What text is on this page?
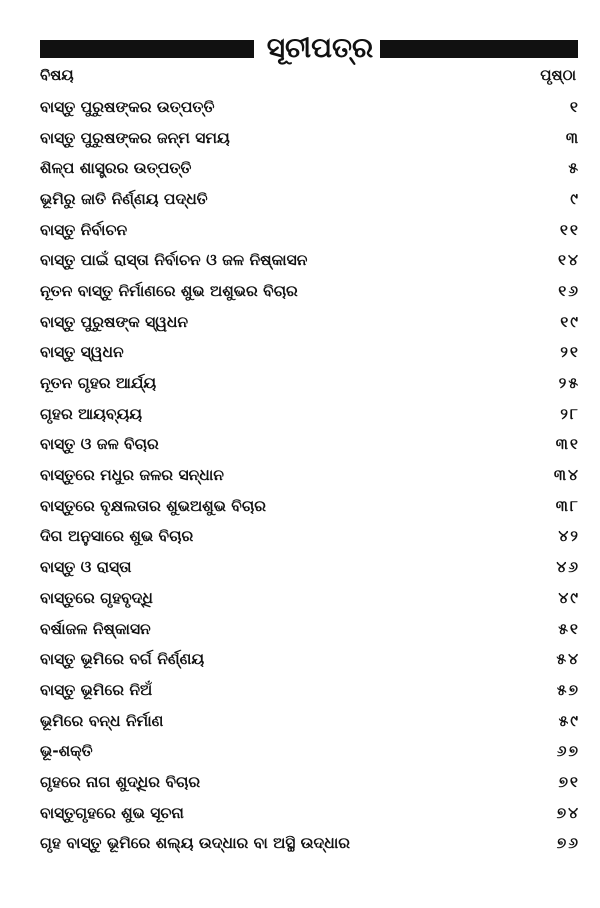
ସୂଚୀପତ୍ର
ବିଷୟ	ପୃଷ୍ଠା
ବାସ୍ତୁ ପୁରୁଷଙ୍କର ଉତ୍ପତ୍ତି	୧
ବାସ୍ତୁ ପୁରୁଷଙ୍କର ଜନ୍ମ ସମୟ	୩
ଶିଳ୍ପ ଶାସ୍ତ୍ରର ଉତ୍ପତ୍ତି	୫
ଭୂମିରୁ ଜାତି ନିର୍ଣ୍ଣୟ ପଦ୍ଧତି	୯
ବାସ୍ତୁ ନିର୍ବାଚନ	୧୧
ବାସ୍ତୁ ପାଇଁ ରାସ୍ତା ନିର୍ବାଚନ ଓ ଜଳ ନିଷ୍କାସନ	୧୪
ନୂତନ ବାସ୍ତୁ ନିର୍ମାଣରେ ଶୁଭ ଅଶୁଭର ବିଚାର	୧୬
ବାସ୍ତୁ ପୁରୁଷଙ୍କ ସ୍ୱଧନ	୧୯
ବାସ୍ତୁ ସ୍ୱଧନ	୨୧
ନୂତନ ଗୃହର ଆର୍ଯ୍ୟ	୨୫
ଗୃହର ଆୟବ୍ୟୟ	୨୮
ବାସ୍ତୁ ଓ ଜଳ ବିଚାର	୩୧
ବାସ୍ତୁରେ ମଧୁର ଜଳର ସନ୍ଧାନ	୩୪
ବାସ୍ତୁରେ ବୃକ୍ଷଲତାର ଶୁଭଅଶୁଭ ବିଚାର	୩୮
ଦିଗ ଅନୁସାରେ ଶୁଭ ବିଚାର	୪୨
ବାସ୍ତୁ ଓ ରାସ୍ତା	୪୬
ବାସ୍ତୁରେ ଗୃହବୃଦ୍ଧି	୪୯
ବର୍ଷାଜଳ ନିଷ୍କାସନ	୫୧
ବାସ୍ତୁ ଭୂମିରେ ବର୍ଗ ନିର୍ଣ୍ଣୟ	୫୪
ବାସ୍ତୁ ଭୂମିରେ ନିଅଁ	୫୭
ଭୂମିରେ ବନ୍ଧ ନିର୍ମାଣ	୫୯
ଭୂ-ଶକ୍ତି	୬୭
ଗୃହରେ ନାଗ ଶୁଦ୍ଧିର ବିଚାର	୭୧
ବାସ୍ତୁଗୃହରେ ଶୁଭ ସୂଚନା	୭୪
ଗୃହ ବାସ୍ତୁ ଭୂମିରେ ଶଲ୍ୟ ଉଦ୍ଧାର ବା ଅସ୍ଥି ଉଦ୍ଧାର	୭୬
